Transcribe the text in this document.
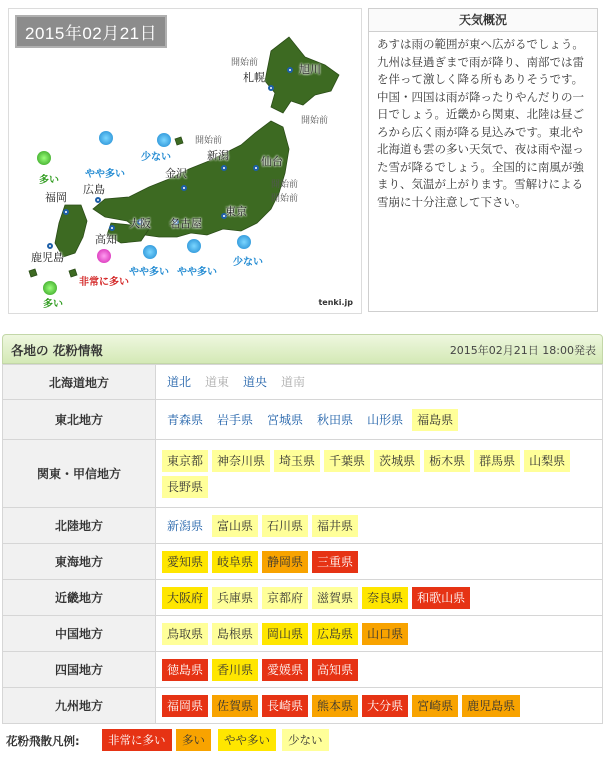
2015年02月21日
旭川
札幌
仙台
新潟
金沢
東京
名古屋
大阪
広島
高知
福岡
鹿児島
開始前
開始前
開始前
開始前
開始前
少ない
やや多い
多い
やや多い
少ない
やや多い
非常に多い
多い	tenki.jp
天気概況

あすは雨の範囲が東へ広がるでしょう。九州は昼過ぎまで雨が降り、南部では雷を伴って激しく降る所もありそうです。中国・四国は雨が降ったりやんだりの一日でしょう。近畿から関東、北陸は昼ごろから広く雨が降る見込みです。東北や北海道も雲の多い天気で、夜は雨や湿った雪が降るでしょう。全国的に南風が強まり、気温が上がります。雪解けによる雪崩に十分注意して下さい。

各地の 花粉情報	2015年02月21日 18:00発表
北海道地方	道北 道東 道央 道南
東北地方	青森県 岩手県 宮城県 秋田県 山形県 福島県
関東・甲信地方	東京都 神奈川県 埼玉県 千葉県 茨城県 栃木県 群馬県 山梨県長野県
北陸地方	新潟県 富山県 石川県 福井県
東海地方	愛知県 岐阜県 静岡県 三重県
近畿地方	大阪府 兵庫県 京都府 滋賀県 奈良県 和歌山県
中国地方	鳥取県 島根県 岡山県 広島県 山口県
四国地方	徳島県 香川県 愛媛県 高知県
九州地方	福岡県 佐賀県 長崎県 熊本県 大分県 宮崎県 鹿児島県
花粉飛散凡例:	非常に多い	多い	やや多い	少ない
